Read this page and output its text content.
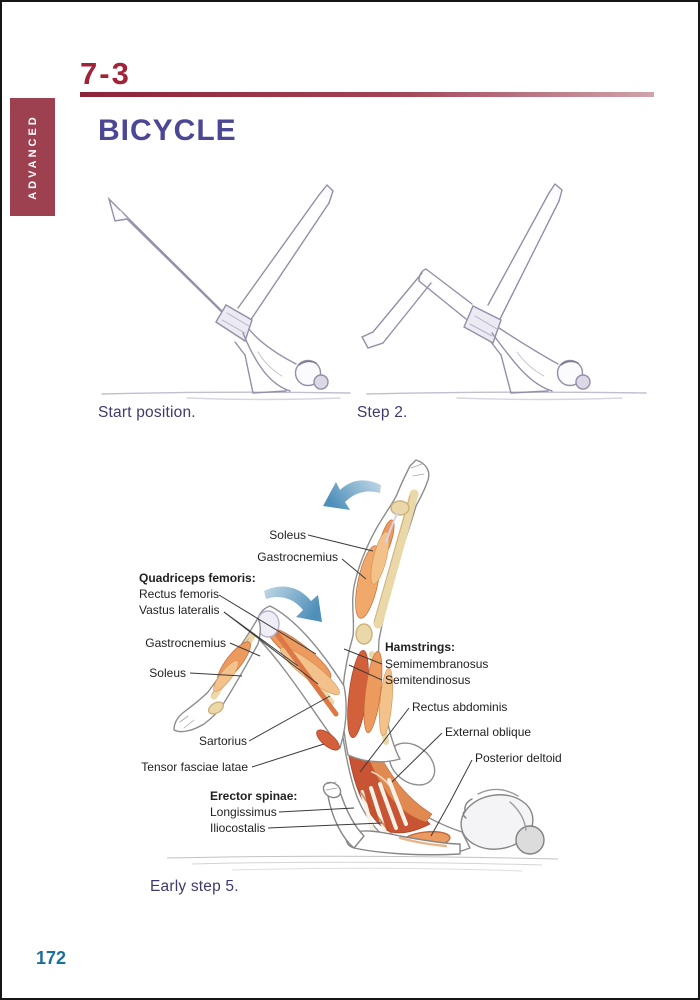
7-3
ADVANCED BICYCLE
Start position.	Step 2.
Soleus
Gastrocnemius
Quadriceps femoris:
Rectus femoris
Vastus lateralis
Gastrocnemius
Soleus
Hamstrings:
Semimembranosus
Semitendinosus
Rectus abdominis
External oblique
Posterior deltoid
Sartorius
Tensor fasciae latae
Erector spinae:
Longissimus
Iliocostalis
Early step 5.
172
